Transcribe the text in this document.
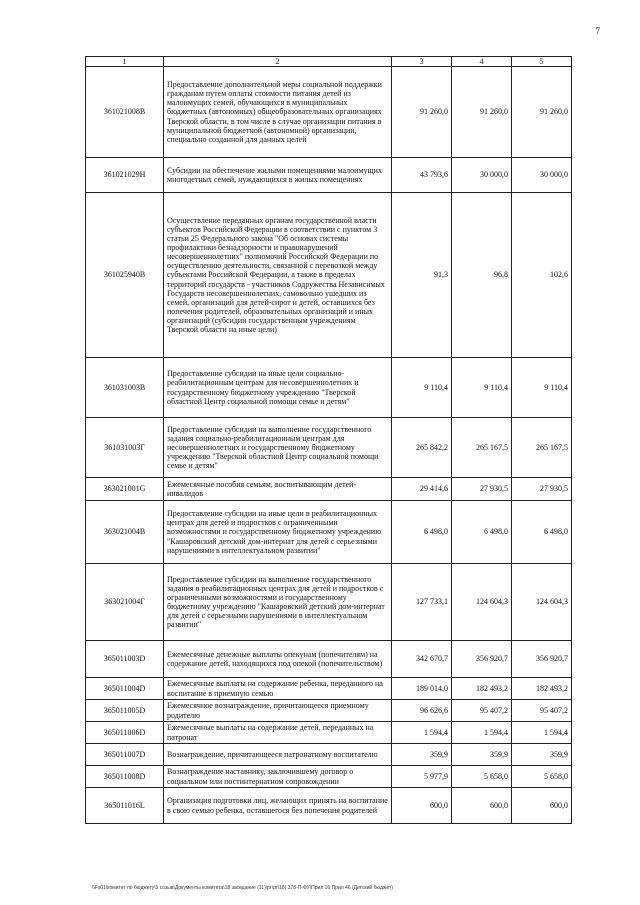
7
1	2	3	4	5
361021008B	Предоставление дополнительной меры социальной поддержки гражданам путем оплаты стоимости питания детей из малоимущих семей, обучающихся в муниципальных бюджетных (автономных) общеобразовательных организациях Тверской области, в том числе в случае организации питания в муниципальной бюджетной (автономной) организации, специально созданной для данных целей	91 260,0	91 260,0	91 260,0
361021029H	Субсидии на обеспечение жилыми помещениями малоимущих многодетных семей, нуждающихся в жилых помещениях	43 793,6	30 000,0	30 000,0
361025940B	Осуществление переданных органам государственной власти субъектов Российской Федерации в соответствии с пунктом 3 статьи 25 Федерального закона "Об основах системы профилактики безнадзорности и правонарушений несовершеннолетних" полномочий Российской Федерации по осуществлению деятельности, связанной с перевозкой между субъектами Российской Федерации, а также в пределах территорий государств - участников Содружества Независимых Государств несовершеннолетних, самовольно ушедших из семей, организаций для детей-сирот и детей, оставшихся без попечения родителей, образовательных организаций и иных организаций (субсидии государственным учреждениям Тверской области на иные цели)	91,3	96,8	102,6
361031003B	Предоставление субсидии на иные цели социально-реабилитационным центрам для несовершеннолетних и государственному бюджетному учреждению "Тверской областной Центр социальной помощи семье и детям"	9 110,4	9 110,4	9 110,4
361031003Г	Предоставление субсидии на выполнение государственного задания социально-реабилитационным центрам для несовершеннолетних и государственному бюджетному учреждению "Тверской областной Центр социальной помощи семье и детям"	265 842,2	265 167,5	265 167,5
363021001G	Ежемесячные пособия семьям, воспитывающим детей-инвалидов	29 414,6	27 930,5	27 930,5
363021004B	Предоставление субсидии на иные цели в реабилитационных центрах для детей и подростков с ограниченными возможностями и государственному бюджетному учреждению "Кашаровский детский дом-интернат для детей с серьезными нарушениями в интеллектуальном развитии"	6 498,0	6 498,0	6 498,0
363021004Г	Предоставление субсидии на выполнение государственного задания в реабилитационных центрах для детей и подростков с ограниченными возможностями и государственному бюджетному учреждению "Кашаровский детский дом-интернат для детей с серьезными нарушениями в интеллектуальном развитии"	127 733,1	124 604,3	124 604,3
365011003D	Ежемесячные денежные выплаты опекунам (попечителям) на содержание детей, находящихся под опекой (попечительством)	342 670,7	356 920,7	356 920,7
365011004D	Ежемесячные выплаты на содержание ребенка, переданного на воспитание в приемную семью	189 014,0	182 493,2	182 493,2
365011005D	Ежемесячное вознаграждение, причитающееся приемному родителю	96 626,6	95 407,2	95 407,2
365011006D	Ежемесячные выплаты на содержание детей, переданных на патронат	1 594,4	1 594,4	1 594,4
365011007D	Вознаграждение, причитающееся патронатному воспитателю	359,9	359,9	359,9
365011008D	Вознаграждение наставнику, заключившему договор о социальном или постинтернатном сопровождении	5 977,9	5 658,0	5 658,0
365011016L	Организация подготовки лиц, желающих принять на воспитание в свою семью ребенка, оставшегося без попечения родителей	600,0	600,0	600,0
\\Fs01\комитет по бюджету\5 созыв\Документы комитета\18 заседание (11)\рг\рг\18) 378-П-ФУ\Прил 16 Прил 46 (Детский бюджет)
